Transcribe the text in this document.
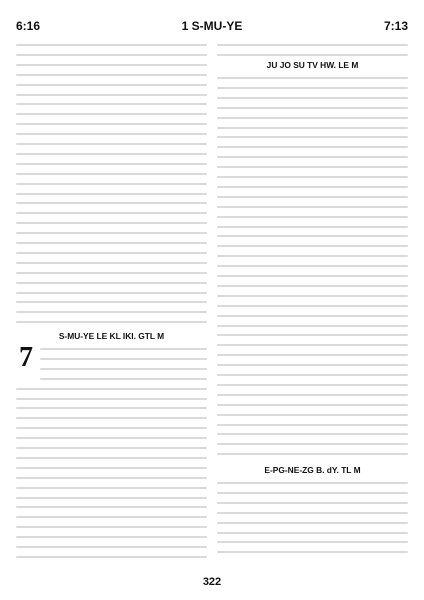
6:16	1 S-MU-YE	7:13
S-MU-YE LE KL IKI. GTL M
7
JU JO SU TV HW. LE M
E-PG-NE-ZG B. dY. TL M
322
